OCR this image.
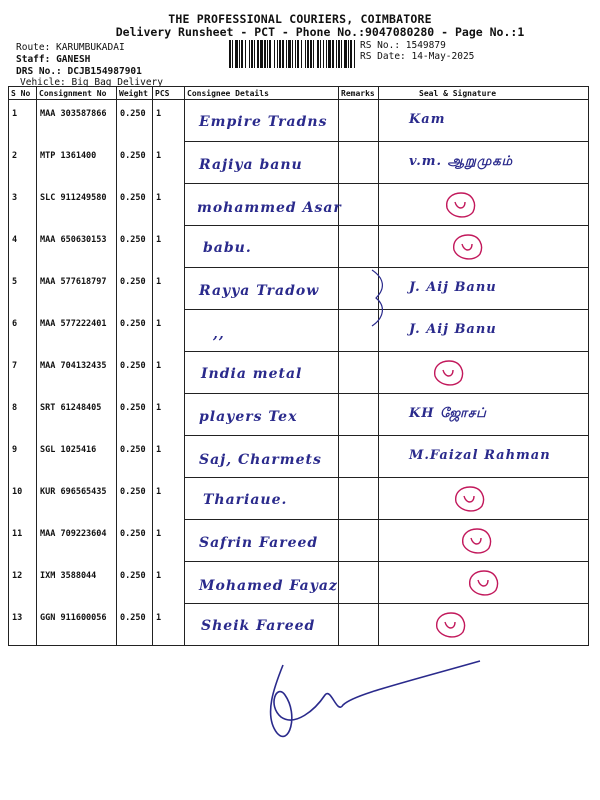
THE PROFESSIONAL COURIERS, COIMBATORE
Delivery Runsheet - PCT - Phone No.:9047080280 - Page No.:1
Route: KARUMBUKADAI
Staff: GANESH
DRS No.: DCJB154987901
Vehicle: Big Bag Delivery
RS No.: 1549879
RS Date: 14-May-2025
S No	Consignment No	Weight	PCS	Consignee Details	Remarks	Seal & Signature

1	MAA 303587866	0.250	1	Empire Tradns		Kam

2	MTP 1361400	0.250	1	Rajiya banu		v.m. ஆறுமுகம்

3	SLC 911249580	0.250	1	mohammed Asar

4	MAA 650630153	0.250	1	babu.

5	MAA 577618797	0.250	1	Rayya Tradow		J. Aij Banu

6	MAA 577222401	0.250	1	,,		J. Aij Banu

7	MAA 704132435	0.250	1	India metal

8	SRT 61248405	0.250	1	players Tex		KH ஜோசப்

9	SGL 1025416	0.250	1	Saj, Charmets		M.Faizal Rahman

10	KUR 696565435	0.250	1	Thariaue.

11	MAA 709223604	0.250	1	Safrin Fareed

12	IXM 3588044	0.250	1	Mohamed Fayaz

13	GGN 911600056	0.250	1	Sheik Fareed
